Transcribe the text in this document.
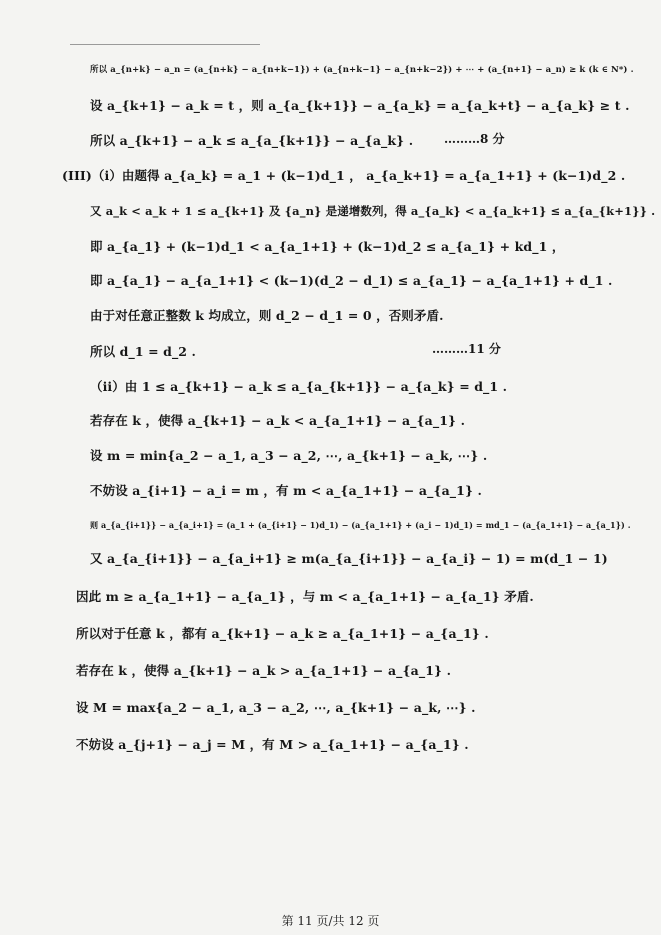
所以 a_{n+k} − a_n = (a_{n+k} − a_{n+k−1}) + (a_{n+k−1} − a_{n+k−2}) + ⋯ + (a_{n+1} − a_n) ≥ k (k ∈ N*) .
设 a_{k+1} − a_k = t ，则 a_{a_{k+1}} − a_{a_k} = a_{a_k+t} − a_{a_k} ≥ t .
所以 a_{k+1} − a_k ≤ a_{a_{k+1}} − a_{a_k} .	………8 分
(III)（ⅰ）由题得 a_{a_k} = a_1 + (k−1)d_1 ， a_{a_k+1} = a_{a_1+1} + (k−1)d_2 .
又 a_k < a_k + 1 ≤ a_{k+1} 及 {a_n} 是递增数列，得 a_{a_k} < a_{a_k+1} ≤ a_{a_{k+1}} .
即 a_{a_1} + (k−1)d_1 < a_{a_1+1} + (k−1)d_2 ≤ a_{a_1} + kd_1 ，
即 a_{a_1} − a_{a_1+1} < (k−1)(d_2 − d_1) ≤ a_{a_1} − a_{a_1+1} + d_1 .
由于对任意正整数 k 均成立，则 d_2 − d_1 = 0 ，否则矛盾.
所以 d_1 = d_2 .	………11 分
（ⅱ）由 1 ≤ a_{k+1} − a_k ≤ a_{a_{k+1}} − a_{a_k} = d_1 .
若存在 k ，使得 a_{k+1} − a_k < a_{a_1+1} − a_{a_1} .
设 m = min{a_2 − a_1, a_3 − a_2, ⋯, a_{k+1} − a_k, ⋯} .
不妨设 a_{i+1} − a_i = m ，有 m < a_{a_1+1} − a_{a_1} .
则 a_{a_{i+1}} − a_{a_i+1} = (a_1 + (a_{i+1} − 1)d_1) − (a_{a_1+1} + (a_i − 1)d_1) = md_1 − (a_{a_1+1} − a_{a_1}) .
又 a_{a_{i+1}} − a_{a_i+1} ≥ m(a_{a_{i+1}} − a_{a_i} − 1) = m(d_1 − 1)
因此 m ≥ a_{a_1+1} − a_{a_1} ，与 m < a_{a_1+1} − a_{a_1} 矛盾.
所以对于任意 k ，都有 a_{k+1} − a_k ≥ a_{a_1+1} − a_{a_1} .
若存在 k ，使得 a_{k+1} − a_k > a_{a_1+1} − a_{a_1} .
设 M = max{a_2 − a_1, a_3 − a_2, ⋯, a_{k+1} − a_k, ⋯} .
不妨设 a_{j+1} − a_j = M ，有 M > a_{a_1+1} − a_{a_1} .
第 11 页/共 12 页
